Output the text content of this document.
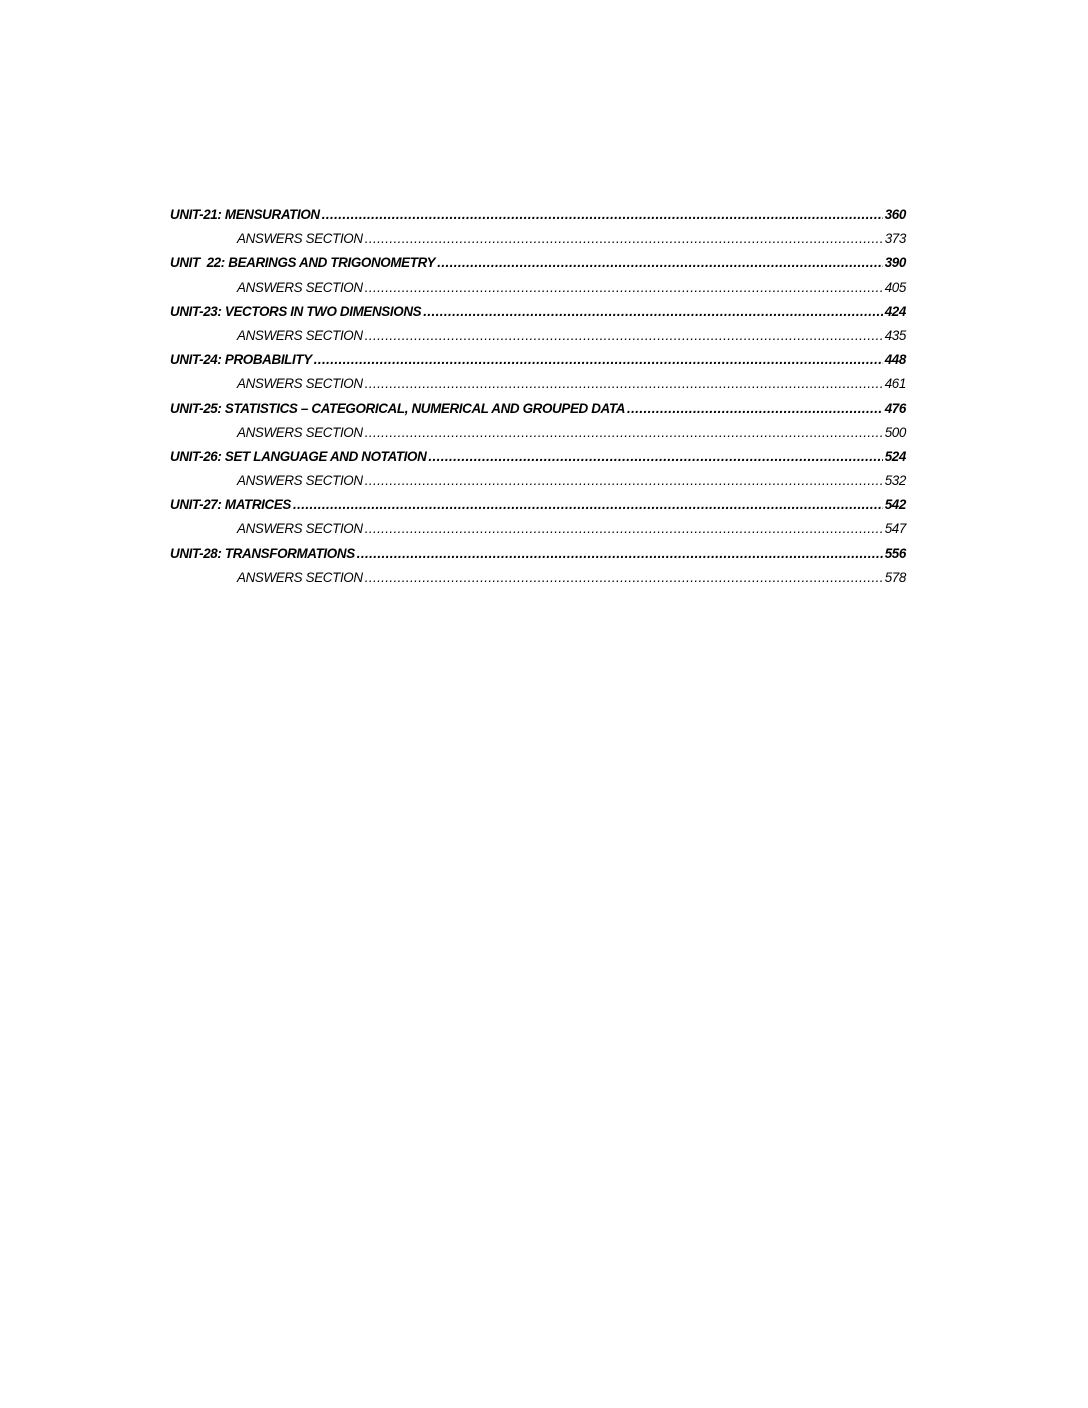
UNIT-21: MENSURATION .....	360
ANSWERS SECTION .....	373
UNIT  22: BEARINGS AND TRIGONOMETRY .....	390
ANSWERS SECTION .....	405
UNIT-23: VECTORS IN TWO DIMENSIONS .....	424
ANSWERS SECTION .....	435
UNIT-24: PROBABILITY .....	448
ANSWERS SECTION .....	461
UNIT-25: STATISTICS – CATEGORICAL, NUMERICAL AND GROUPED DATA .....	476
ANSWERS SECTION .....	500
UNIT-26: SET LANGUAGE AND NOTATION .....	524
ANSWERS SECTION .....	532
UNIT-27: MATRICES .....	542
ANSWERS SECTION .....	547
UNIT-28: TRANSFORMATIONS .....	556
ANSWERS SECTION .....	578
